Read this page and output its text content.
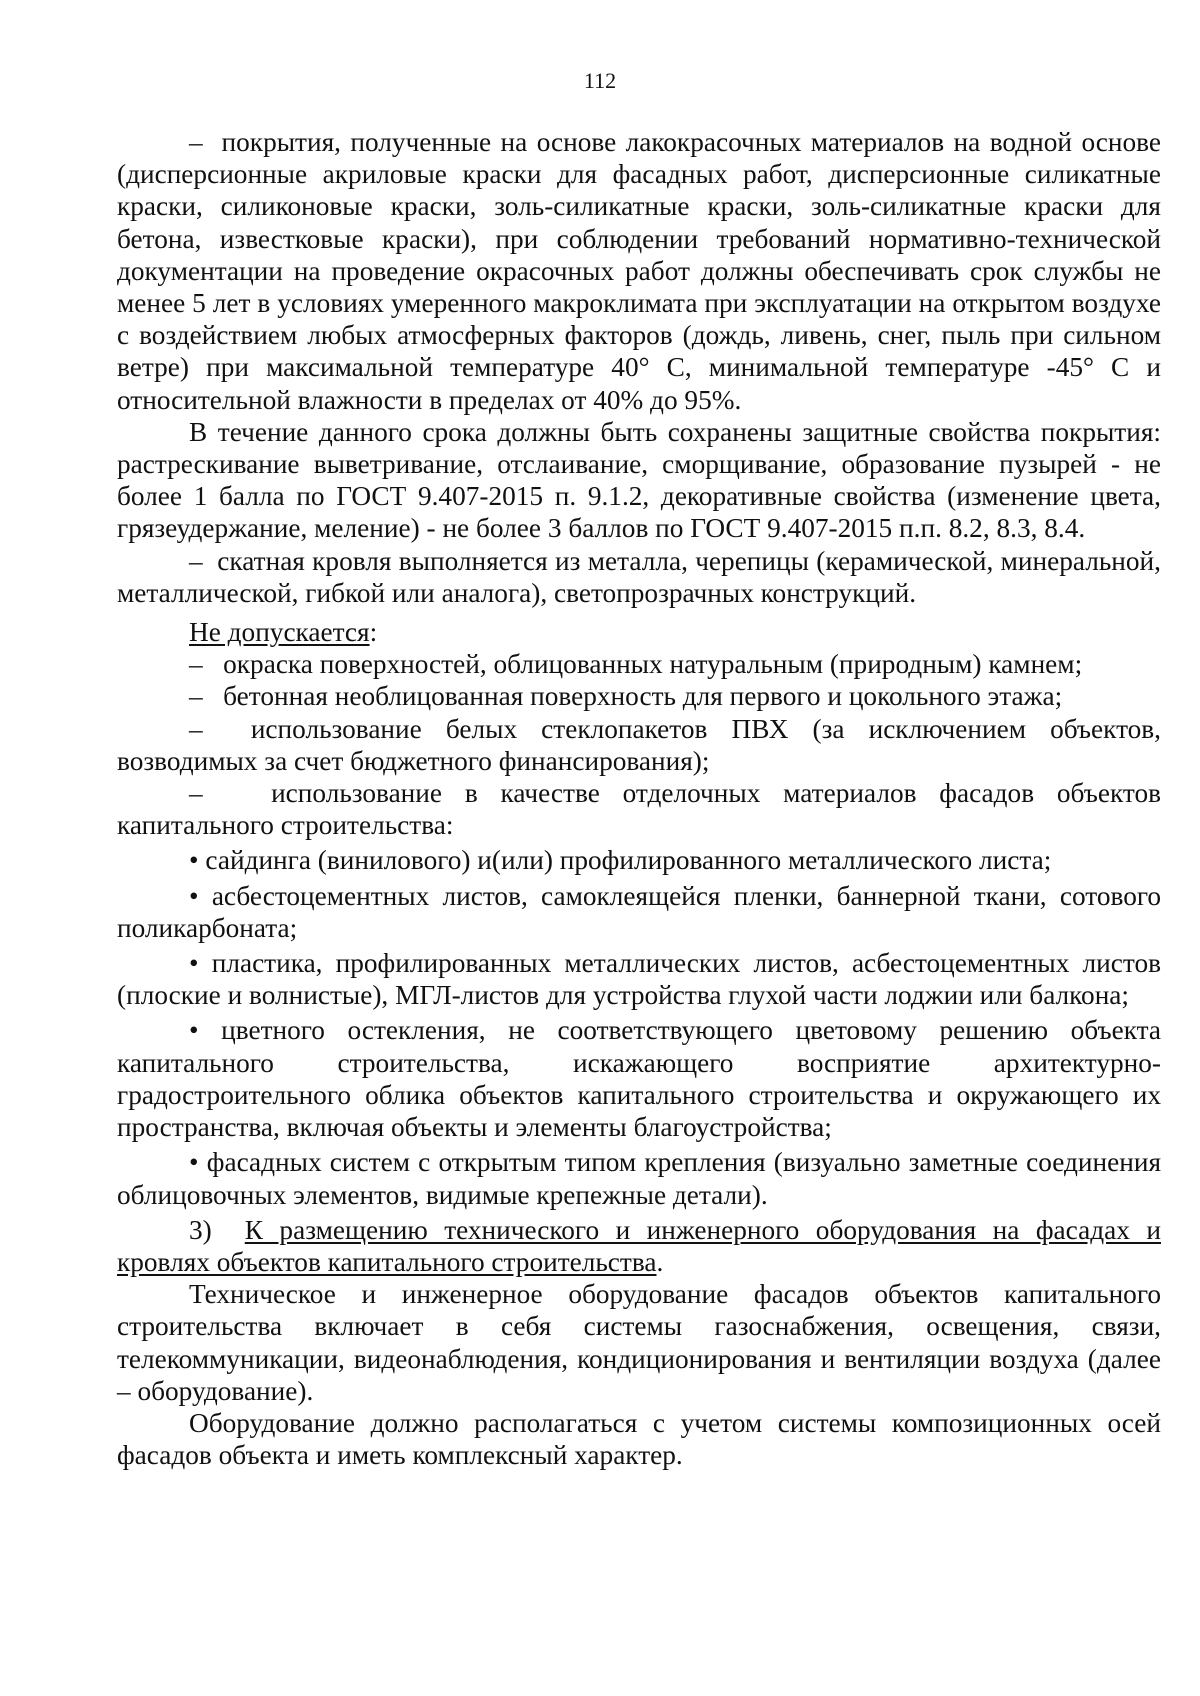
112

– покрытия, полученные на основе лакокрасочных материалов на водной основе (дисперсионные акриловые краски для фасадных работ, дисперсионные силикатные краски, силиконовые краски, золь-силикатные краски, золь-силикатные краски для бетона, известковые краски), при соблюдении требований нормативно-технической документации на проведение окрасочных работ должны обеспечивать срок службы не менее 5 лет в условиях умеренного макроклимата при эксплуатации на открытом воздухе с воздействием любых атмосферных факторов (дождь, ливень, снег, пыль при сильном ветре) при максимальной температуре 40° С, минимальной температуре -45° С и относительной влажности в пределах от 40% до 95%.

В течение данного срока должны быть сохранены защитные свойства покрытия: растрескивание выветривание, отслаивание, сморщивание, образование пузырей - не более 1 балла по ГОСТ 9.407-2015 п. 9.1.2, декоративные свойства (изменение цвета, грязеудержание, меление) - не более 3 баллов по ГОСТ 9.407-2015 п.п. 8.2, 8.3, 8.4.

– скатная кровля выполняется из металла, черепицы (керамической, минеральной, металлической, гибкой или аналога), светопрозрачных конструкций.

Не допускается:

– окраска поверхностей, облицованных натуральным (природным) камнем;

– бетонная необлицованная поверхность для первого и цокольного этажа;

– использование белых стеклопакетов ПВХ (за исключением объектов, возводимых за счет бюджетного финансирования);

–	использование в качестве отделочных материалов фасадов объектов капитального строительства:

• сайдинга (винилового) и(или) профилированного металлического листа;

• асбестоцементных листов, самоклеящейся пленки, баннерной ткани, сотового поликарбоната;

• пластика, профилированных металлических листов, асбестоцементных листов (плоские и волнистые), МГЛ-листов для устройства глухой части лоджии или балкона;

• цветного остекления, не соответствующего цветовому решению объекта капитального строительства, искажающего восприятие архитектурно-градостроительного облика объектов капитального строительства и окружающего их пространства, включая объекты и элементы благоустройства;

• фасадных систем с открытым типом крепления (визуально заметные соединения облицовочных элементов, видимые крепежные детали).

3) К размещению технического и инженерного оборудования на фасадах и кровлях объектов капитального строительства.

Техническое и инженерное оборудование фасадов объектов капитального строительства включает в себя системы газоснабжения, освещения, связи, телекоммуникации, видеонаблюдения, кондиционирования и вентиляции воздуха (далее – оборудование).

Оборудование должно располагаться с учетом системы композиционных осей фасадов объекта и иметь комплексный характер.
